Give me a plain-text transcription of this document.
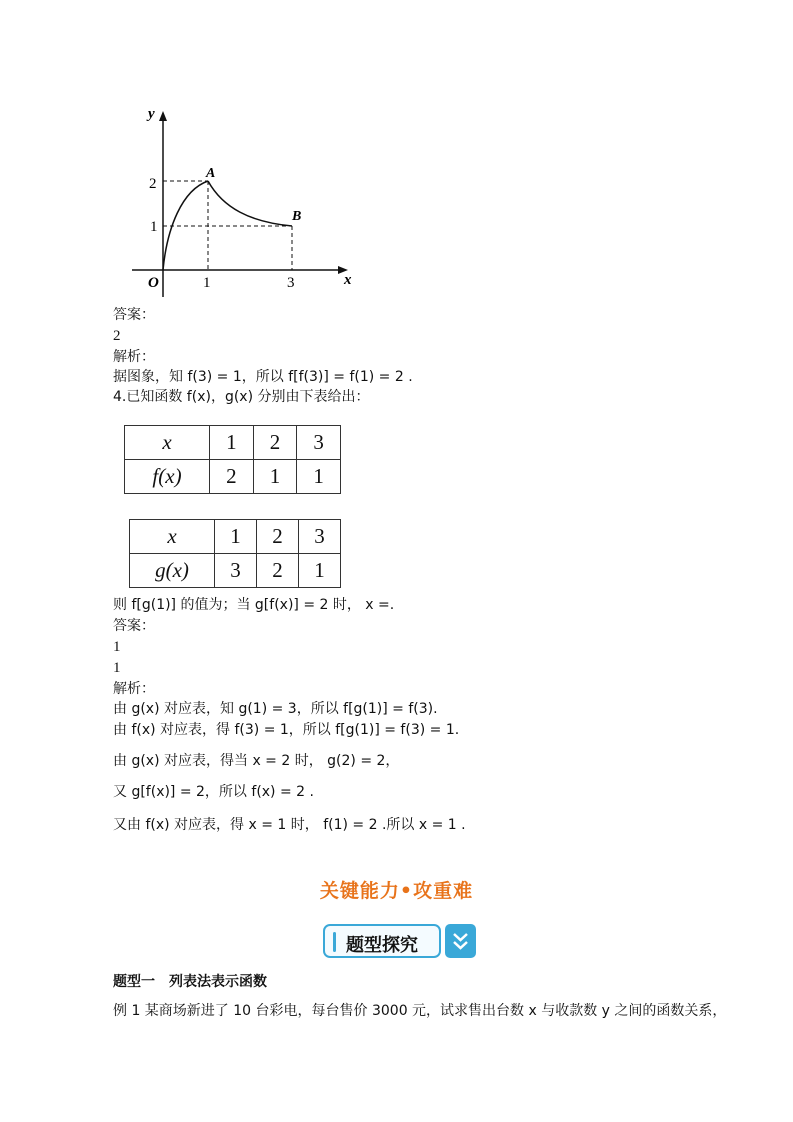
y
x
O
2
1
1	3
A
B
答案：
2
解析：
据图象，知 f(3) = 1，所以 f[f(3)] = f(1) = 2 .
4.已知函数 f(x)，g(x) 分别由下表给出：
x	1	2	3
f(x)	2	1	1
x	1	2	3
g(x)	3	2	1
则 f[g(1)] 的值为；当 g[f(x)] = 2 时， x =.
答案：
1
1
解析：
由 g(x) 对应表，知 g(1) = 3，所以 f[g(1)] = f(3).
由 f(x) 对应表，得 f(3) = 1，所以 f[g(1)] = f(3) = 1.
由 g(x) 对应表，得当 x = 2 时， g(2) = 2，
又 g[f(x)] = 2，所以 f(x) = 2 .
又由 f(x) 对应表，得 x = 1 时， f(1) = 2 .所以 x = 1 .
关键能力•攻重难
题型探究
题型一　列表法表示函数
例 1 某商场新进了 10 台彩电，每台售价 3000 元，试求售出台数 x 与收款数 y 之间的函数关系，
